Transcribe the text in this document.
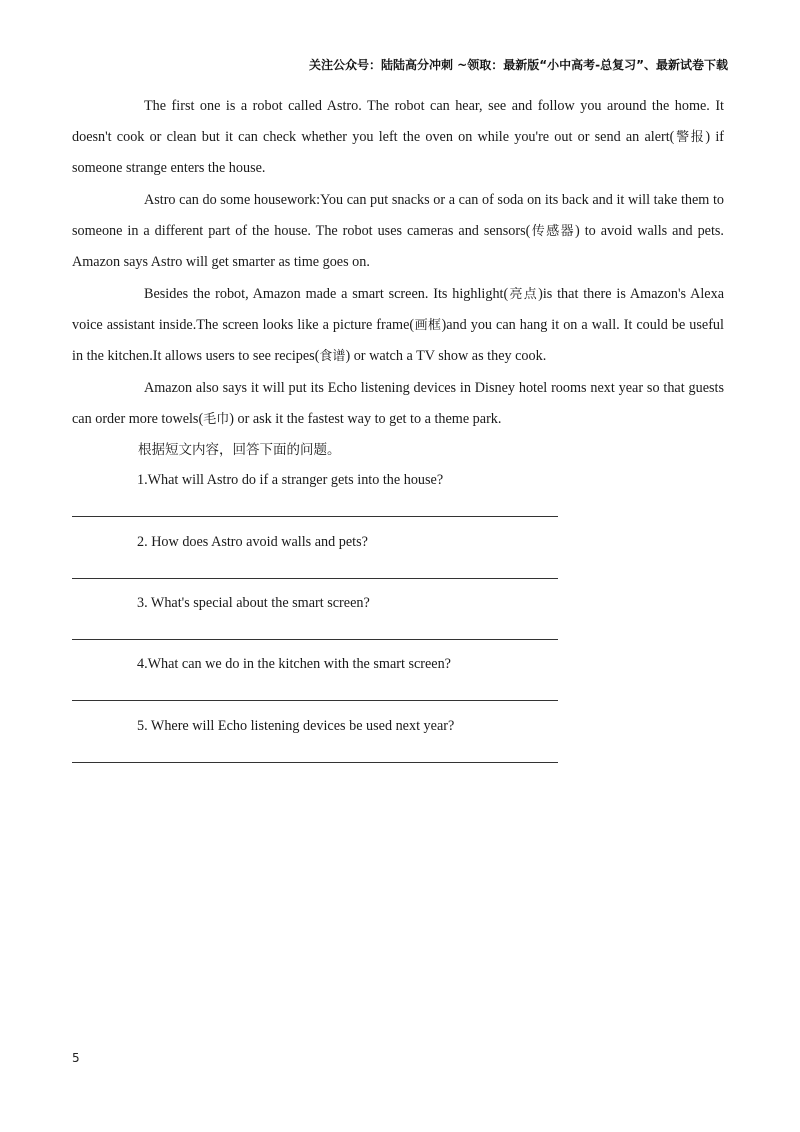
关注公众号：陆陆高分冲刺 ~领取：最新版“小中高考-总复习”、最新试卷下载
The first one is a robot called Astro. The robot can hear, see and follow you around the home. It doesn't cook or clean but it can check whether you left the oven on while you're out or send an alert(警报) if someone strange enters the house.
Astro can do some housework:You can put snacks or a can of soda on its back and it will take them to someone in a different part of the house. The robot uses cameras and sensors(传感器) to avoid walls and pets. Amazon says Astro will get smarter as time goes on.
Besides the robot, Amazon made a smart screen. Its highlight(亮点)is that there is Amazon's Alexa voice assistant inside.The screen looks like a picture frame(画框)and you can hang it on a wall. It could be useful in the kitchen.It allows users to see recipes(食谱) or watch a TV show as they cook.
Amazon also says it will put its Echo listening devices in Disney hotel rooms next year so that guests can order more towels(毛巾) or ask it the fastest way to get to a theme park.
根据短文内容，回答下面的问题。
1.What will Astro do if a stranger gets into the house?
2. How does Astro avoid walls and pets?
3. What's special about the smart screen?
4.What can we do in the kitchen with the smart screen?
5. Where will Echo listening devices be used next year?
5
